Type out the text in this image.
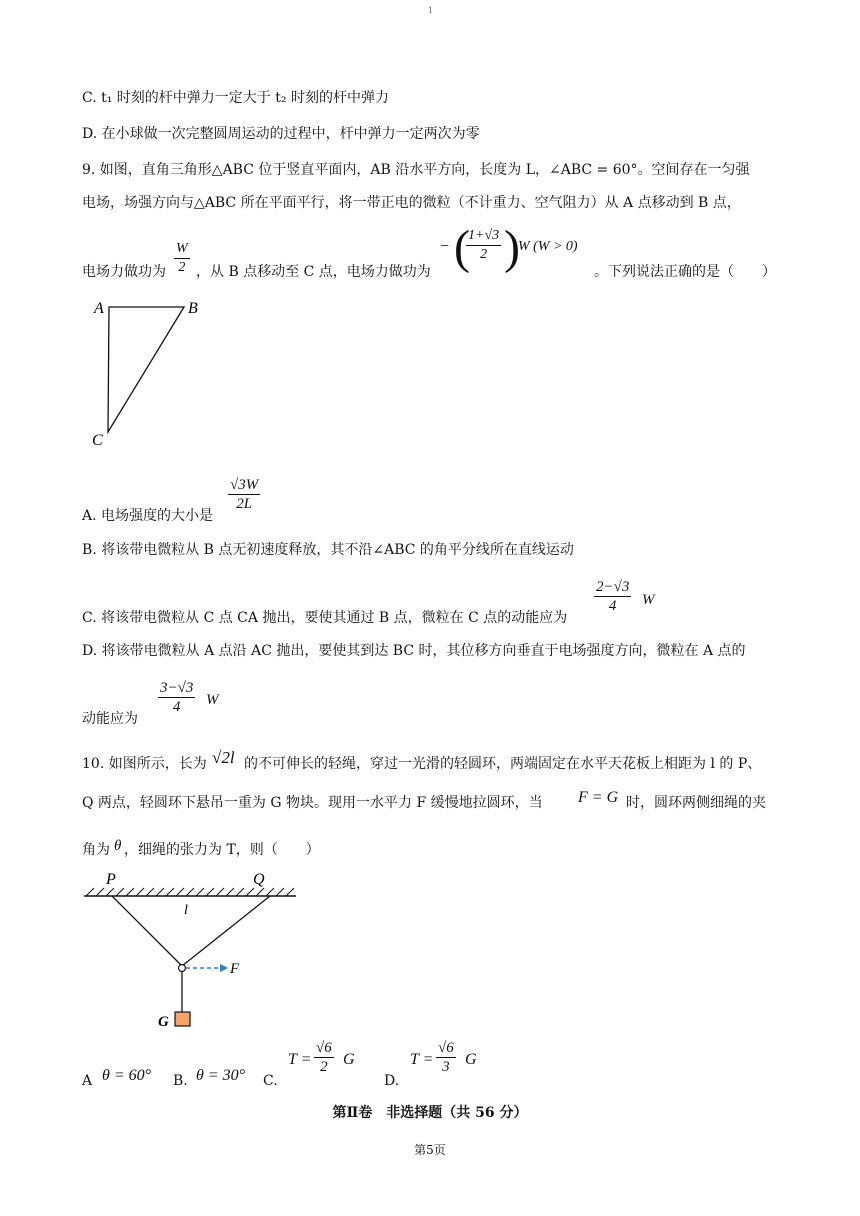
1
C. t₁ 时刻的杆中弹力一定大于 t₂ 时刻的杆中弹力
D. 在小球做一次完整圆周运动的过程中，杆中弹力一定两次为零
9. 如图，直角三角形△ABC 位于竖直平面内，AB 沿水平方向，长度为 L，∠ABC = 60°。空间存在一匀强
电场，场强方向与△ABC 所在平面平行，将一带正电的微粒（不计重力、空气阻力）从 A 点移动到 B 点，
电场力做功为 $\frac{W}{2}$ ，从 B 点移动至 C 点，电场力做功为
− (
$\frac{1+√3}{2}$ )
W (W > 0)
。下列说法正确的是（　　）
A	B
C
A. 电场强度的大小是
$\frac{√3W}{2L}$
B. 将该带电微粒从 B 点无初速度释放，其不沿∠ABC 的角平分线所在直线运动
C. 将该带电微粒从 C 点 CA 抛出，要使其通过 B 点，微粒在 C 点的动能应为
$\frac{2-√3}{4}$ W
D. 将该带电微粒从 A 点沿 AC 抛出，要使其到达 BC 时，其位移方向垂直于电场强度方向，微粒在 A 点的
动能应为
$\frac{3-√3}{4}$ W
10. 如图所示，长为 √2l 的不可伸长的轻绳，穿过一光滑的轻圆环，两端固定在水平天花板上相距为 l 的 P、
Q 两点，轻圆环下悬吊一重为 G 物块。现用一水平力 F 缓慢地拉圆环，当 F = G 时，圆环两侧细绳的夹
角为 θ ，细绳的张力为 T，则（　　）
P	Q
l
F
G
A θ = 60° B. θ = 30° C.
$T = \frac{√6}{2}$ G
D.
$T = \frac{√6}{3}$ G
第Ⅱ卷　非选择题（共 56 分）
第5页
